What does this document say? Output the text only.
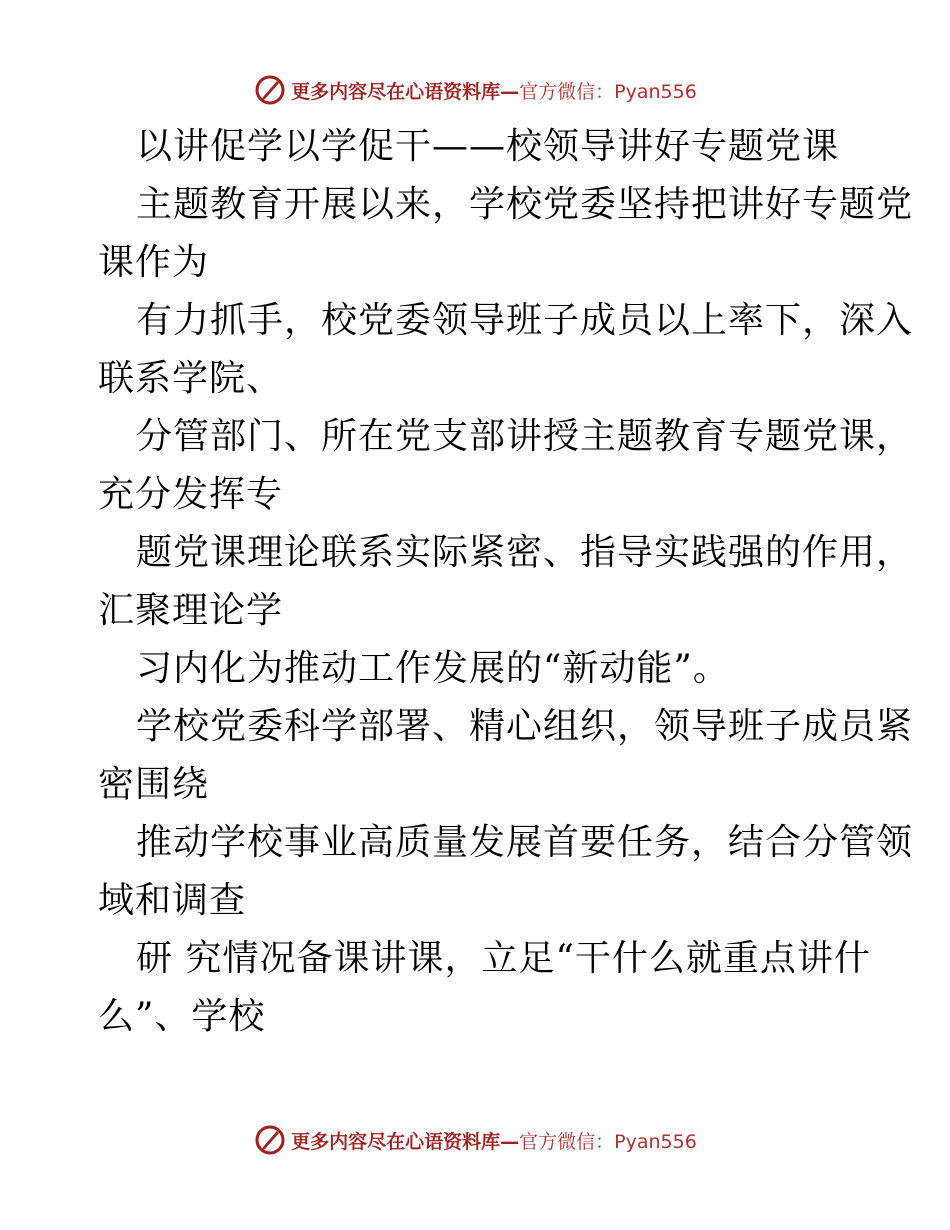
更多内容尽在心语资料库—官方微信：Pyan556
以讲促学以学促干——校领导讲好专题党课
主题教育开展以来，学校党委坚持把讲好专题党
课作为
有力抓手，校党委领导班子成员以上率下，深入
联系学院、
分管部门、所在党支部讲授主题教育专题党课，
充分发挥专
题党课理论联系实际紧密、指导实践强的作用，
汇聚理论学
习内化为推动工作发展的“新动能”。
学校党委科学部署、精心组织，领导班子成员紧
密围绕
推动学校事业高质量发展首要任务，结合分管领
域和调查
研 究情况备课讲课，立足“干什么就重点讲什
么”、学校
更多内容尽在心语资料库—官方微信：Pyan556
